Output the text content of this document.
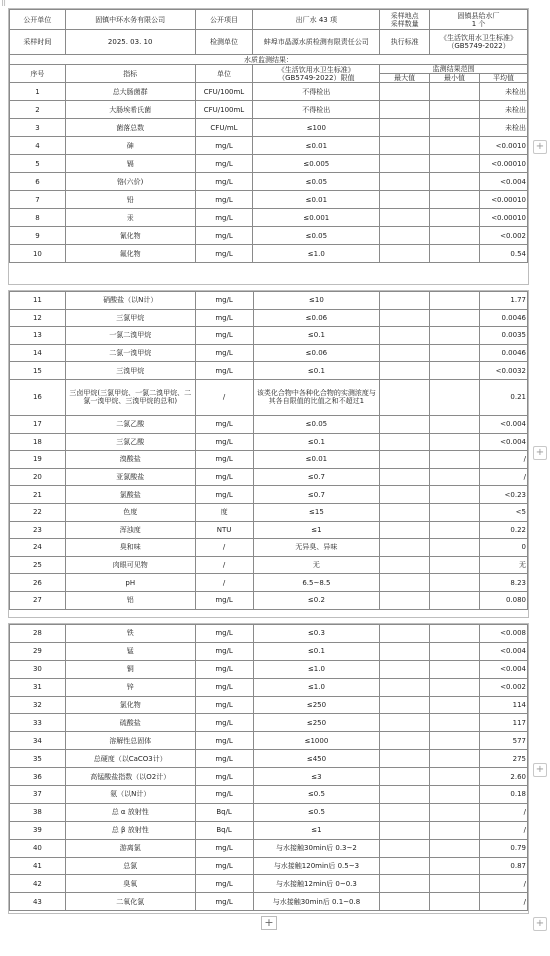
⠿
公开单位	固镇中环水务有限公司	公开项目	出厂水 43 项	采样地点
采样数量	固镇县给水厂
1 个	
采样时间	2025. 03. 10	检测单位	蚌埠市晶源水质检测有限责任公司	执行标准	《生活饮用水卫生标准》
（GB5749-2022）	
水质监测结果：						
序号	指标	单位	《生活饮用水卫生标准》
（GB5749-2022）限值	监测结果范围		
				最大值	最小值	平均值
1	总大肠菌群	CFU/100mL	不得检出			未检出
2	大肠埃希氏菌	CFU/100mL	不得检出			未检出
3	菌落总数	CFU/mL	≤100			未检出
4	砷	mg/L	≤0.01			<0.0010
5	镉	mg/L	≤0.005			<0.00010
6	铬(六价)	mg/L	≤0.05			<0.004
7	铅	mg/L	≤0.01			<0.00010
8	汞	mg/L	≤0.001			<0.00010
9	氰化物	mg/L	≤0.05			<0.002
10	氟化物	mg/L	≤1.0			0.54
11	硝酸盐（以N计）	mg/L	≤10			1.77
12	三氯甲烷	mg/L	≤0.06			0.0046
13	一氯二溴甲烷	mg/L	≤0.1			0.0035
14	二氯一溴甲烷	mg/L	≤0.06			0.0046
15	三溴甲烷	mg/L	≤0.1			<0.0032
16	三卤甲烷(三氯甲烷、一氯二溴甲烷、二氯一溴甲烷、三溴甲烷的总和)	/	该类化合物中各种化合物的实测浓度与其各自限值的比值之和不超过1			0.21
17	二氯乙酸	mg/L	≤0.05			<0.004
18	三氯乙酸	mg/L	≤0.1			<0.004
19	溴酸盐	mg/L	≤0.01			/
20	亚氯酸盐	mg/L	≤0.7			/
21	氯酸盐	mg/L	≤0.7			<0.23
22	色度	度	≤15			<5
23	浑浊度	NTU	≤1			0.22
24	臭和味	/	无异臭、异味			0
25	肉眼可见物	/	无			无
26	pH	/	6.5~8.5			8.23
27	铝	mg/L	≤0.2			0.080
28	铁	mg/L	≤0.3			<0.008
29	锰	mg/L	≤0.1			<0.004
30	铜	mg/L	≤1.0			<0.004
31	锌	mg/L	≤1.0			<0.002
32	氯化物	mg/L	≤250			114
33	硫酸盐	mg/L	≤250			117
34	溶解性总固体	mg/L	≤1000			577
35	总硬度（以CaCO3计）	mg/L	≤450			275
36	高锰酸盐指数（以O2计）	mg/L	≤3			2.60
37	氨（以N计）	mg/L	≤0.5			0.18
38	总 α 放射性	Bq/L	≤0.5			/
39	总 β 放射性	Bq/L	≤1			/
40	游离氯	mg/L	与水接触30min后 0.3~2			0.79
41	总氯	mg/L	与水接触120min后 0.5~3			0.87
42	臭氧	mg/L	与水接触12min后 0~0.3			/
43	二氧化氯	mg/L	与水接触30min后 0.1~0.8			/
+
+
+
+
+
